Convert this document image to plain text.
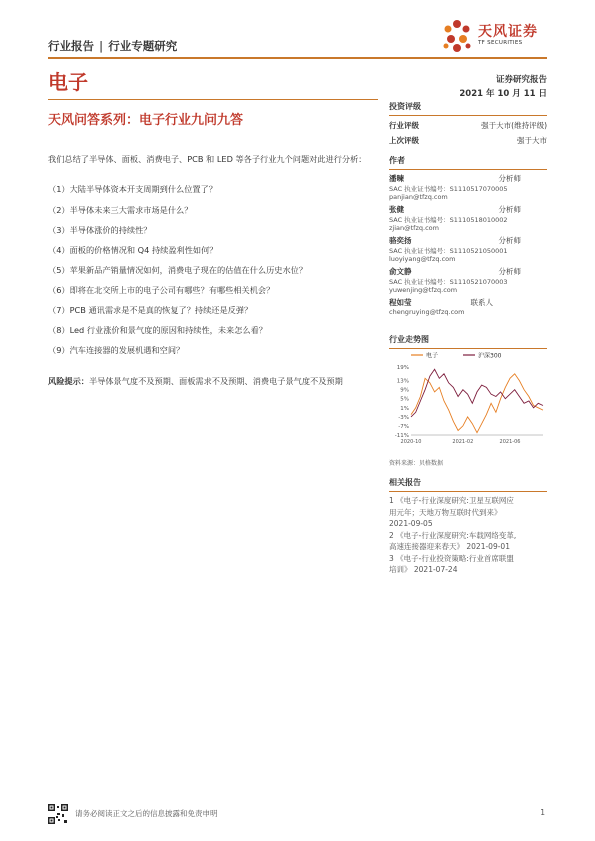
行业报告 | 行业专题研究
天风证券
TF SECURITIES
电子	证券研究报告
2021 年 10 月 11 日
天风问答系列：电子行业九问九答
我们总结了半导体、面板、消费电子、PCB 和 LED 等各子行业九个问题对此进行分析：
（1）大陆半导体资本开支周期到什么位置了？
（2）半导体未来三大需求市场是什么？
（3）半导体涨价的持续性？
（4）面板的价格情况和 Q4 持续盈利性如何？
（5）苹果新品产销量情况如何，消费电子现在的估值在什么历史水位？
（6）即将在北交所上市的电子公司有哪些？有哪些相关机会？
（7）PCB 通讯需求是不是真的恢复了？持续还是反弹？
（8）Led 行业涨价和景气度的原因和持续性，未来怎么看？
（9）汽车连接器的发展机遇和空间？
风险提示：半导体景气度不及预期、面板需求不及预期、消费电子景气度不及预期
投资评级
行业评级	强于大市(维持评级)
上次评级	强于大市
作者
潘暕	分析师
SAC 执业证书编号：S1110517070005
panjian@tfzq.com
张健	分析师
SAC 执业证书编号：S1110518010002
zjian@tfzq.com
骆奕扬	分析师
SAC 执业证书编号：S1110521050001
luoyiyang@tfzq.com
俞文静	分析师
SAC 执业证书编号：S1110521070003
yuwenjing@tfzq.com
程如莹	联系人
chengruying@tfzq.com
行业走势图
电子	沪深300
19%
13%
9%
5%
1%
-3%
-7%
-11%
2020-10	2021-02	2021-06
资料来源：贝格数据
相关报告
1 《电子-行业深度研究:卫星互联网应
用元年；天地万物互联时代到来》
2021-09-05
2 《电子-行业深度研究:车载网络变革,
高速连接器迎来春天》 2021-09-01
3 《电子-行业投资策略:行业首席联盟
培训》 2021-07-24
请务必阅读正文之后的信息披露和免责申明	1
